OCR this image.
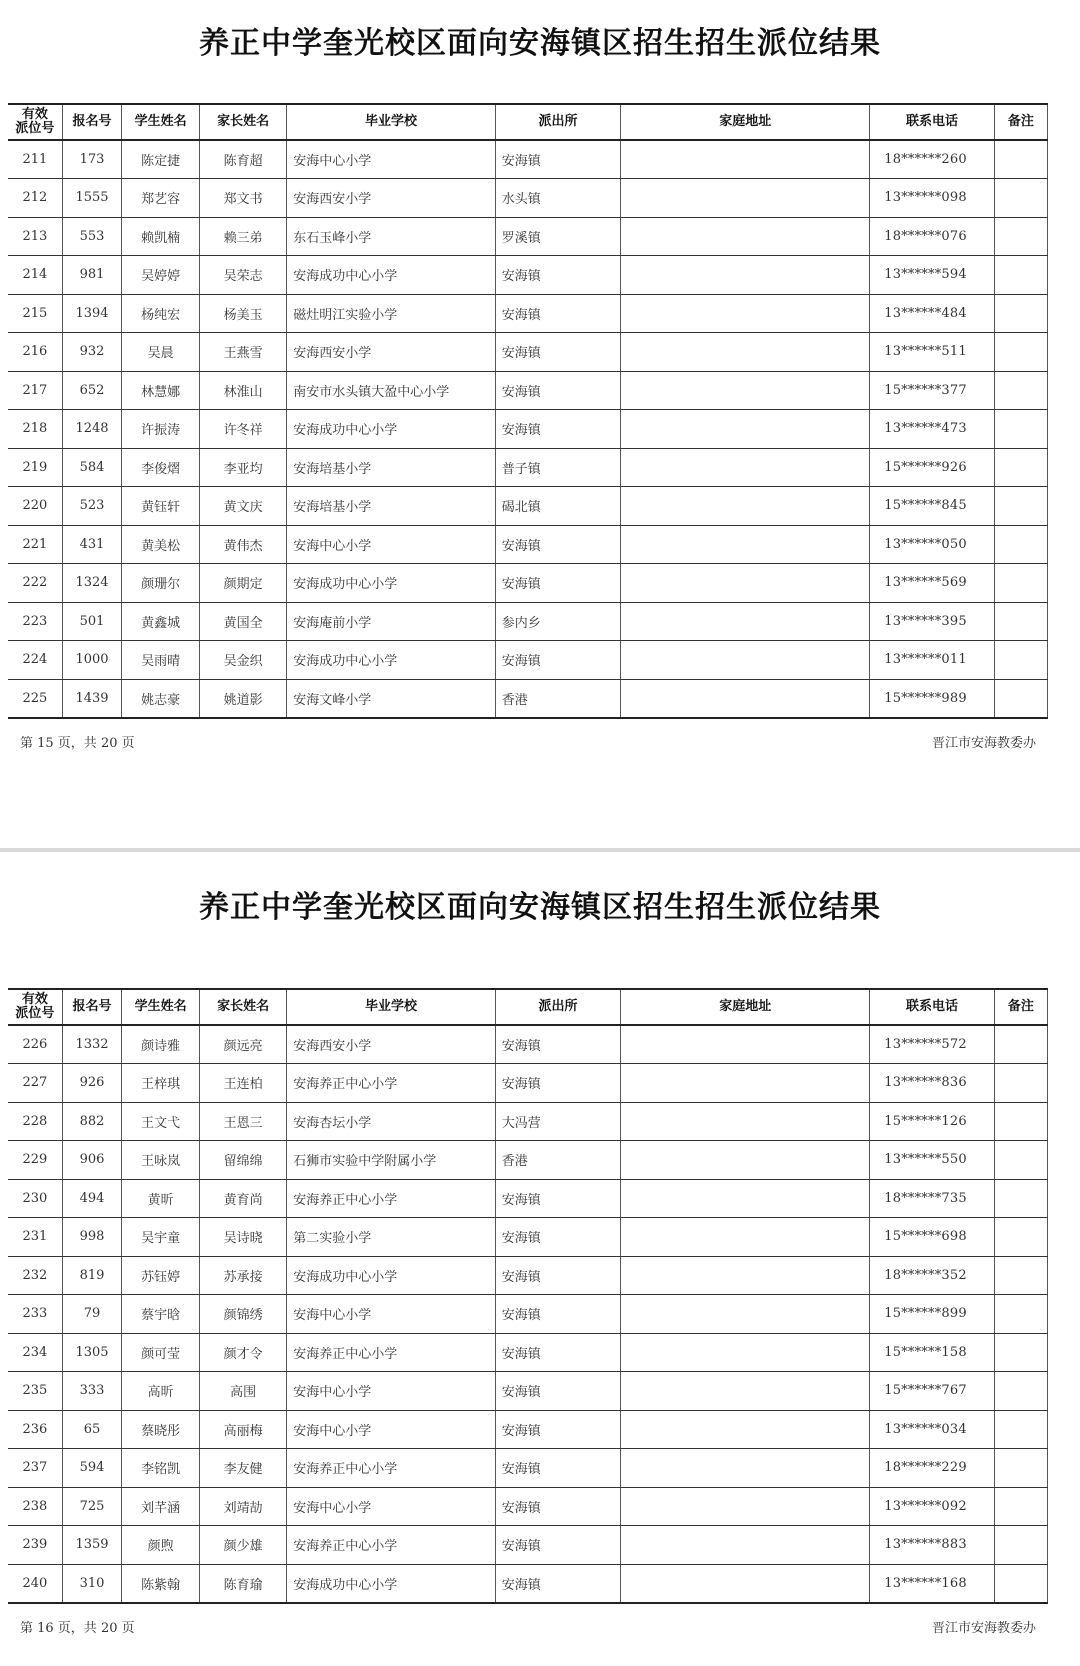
养正中学奎光校区面向安海镇区招生招生派位结果
有效
派位号	报名号	学生姓名	家长姓名	毕业学校	派出所	家庭地址	联系电话	备注
211	173	陈定捷	陈育超	安海中心小学	安海镇		18******260	
212	1555	郑艺容	郑文书	安海西安小学	水头镇		13******098	
213	553	赖凯楠	赖三弟	东石玉峰小学	罗溪镇		18******076	
214	981	吴婷婷	吴荣志	安海成功中心小学	安海镇		13******594	
215	1394	杨纯宏	杨美玉	磁灶明江实验小学	安海镇		13******484	
216	932	吴晨	王燕雪	安海西安小学	安海镇		13******511	
217	652	林慧娜	林淮山	南安市水头镇大盈中心小学	安海镇		15******377	
218	1248	许振涛	许冬祥	安海成功中心小学	安海镇		13******473	
219	584	李俊熠	李亚均	安海培基小学	普子镇		15******926	
220	523	黄钰轩	黄文庆	安海培基小学	碣北镇		15******845	
221	431	黄美松	黄伟杰	安海中心小学	安海镇		13******050	
222	1324	颜珊尔	颜期定	安海成功中心小学	安海镇		13******569	
223	501	黄鑫城	黄国全	安海庵前小学	参内乡		13******395	
224	1000	吴雨晴	吴金织	安海成功中心小学	安海镇		13******011	
225	1439	姚志豪	姚道影	安海文峰小学	香港		15******989	
第 15 页，共 20 页	晋江市安海教委办
养正中学奎光校区面向安海镇区招生招生派位结果
有效
派位号	报名号	学生姓名	家长姓名	毕业学校	派出所	家庭地址	联系电话	备注
226	1332	颜诗雅	颜远亮	安海西安小学	安海镇		13******572	
227	926	王梓琪	王连柏	安海养正中心小学	安海镇		13******836	
228	882	王文弋	王恩三	安海杏坛小学	大冯营		15******126	
229	906	王咏岚	留绵绵	石狮市实验中学附属小学	香港		13******550	
230	494	黄昕	黄育尚	安海养正中心小学	安海镇		18******735	
231	998	吴宇童	吴诗晓	第二实验小学	安海镇		15******698	
232	819	苏钰婷	苏承接	安海成功中心小学	安海镇		18******352	
233	79	蔡宇晗	颜锦绣	安海中心小学	安海镇		15******899	
234	1305	颜可莹	颜才令	安海养正中心小学	安海镇		15******158	
235	333	高昕	高围	安海中心小学	安海镇		15******767	
236	65	蔡晓彤	高丽梅	安海中心小学	安海镇		13******034	
237	594	李铭凯	李友健	安海养正中心小学	安海镇		18******229	
238	725	刘芊涵	刘靖劼	安海中心小学	安海镇		13******092	
239	1359	颜煦	颜少雄	安海养正中心小学	安海镇		13******883	
240	310	陈紫翰	陈育瑜	安海成功中心小学	安海镇		13******168	
第 16 页，共 20 页	晋江市安海教委办
